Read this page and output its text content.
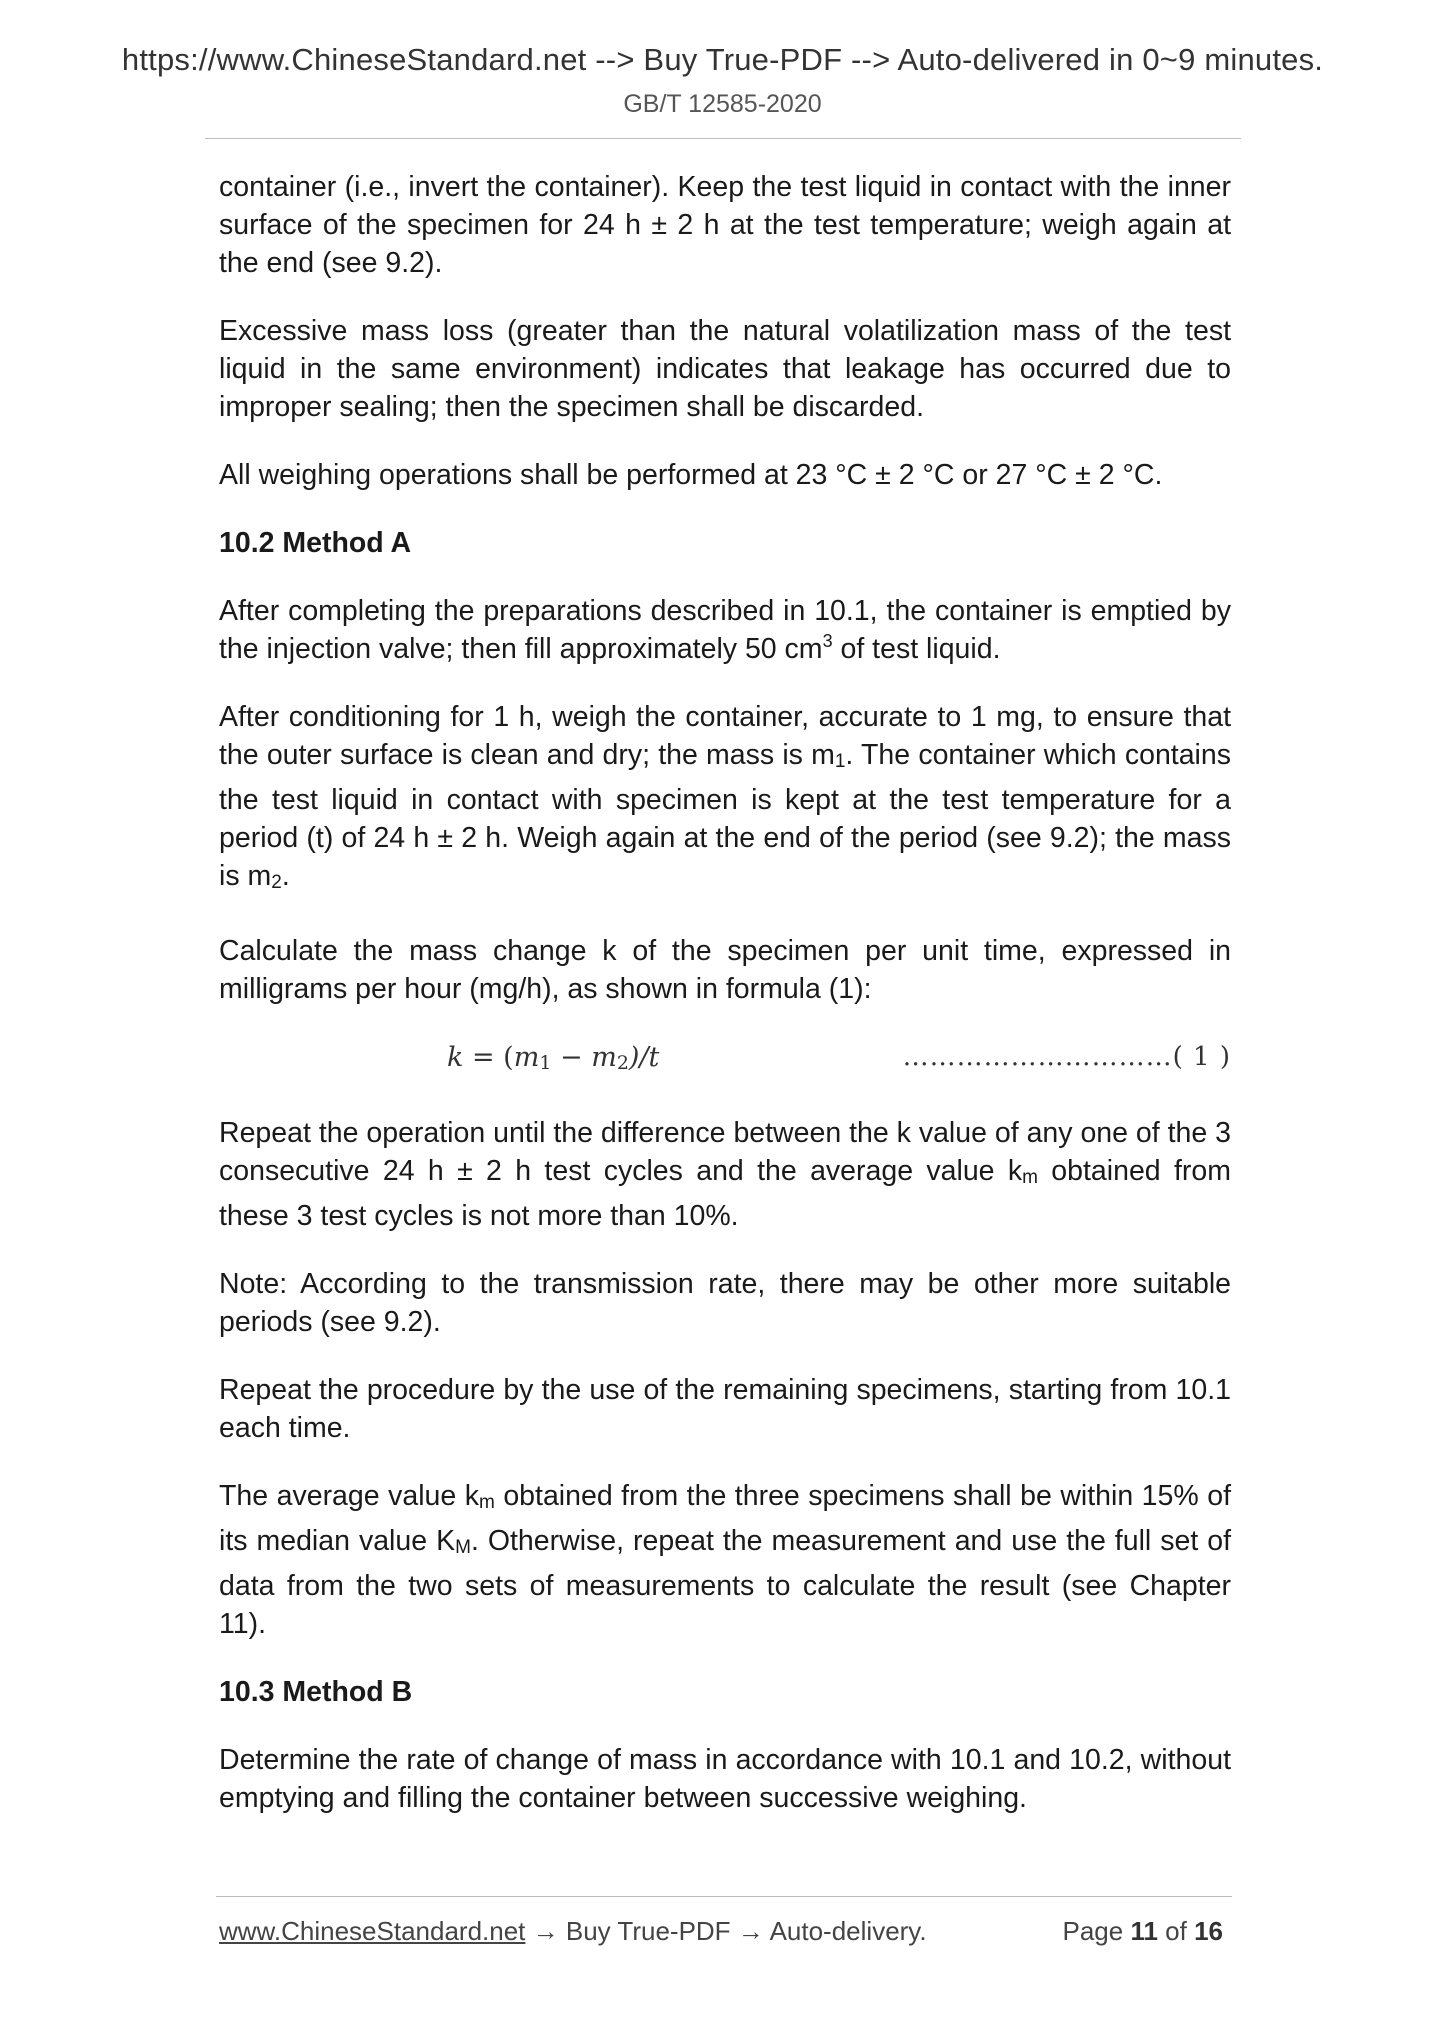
https://www.ChineseStandard.net --> Buy True-PDF --> Auto-delivered in 0~9 minutes.
GB/T 12585-2020

container (i.e., invert the container). Keep the test liquid in contact with the inner surface of the specimen for 24 h ± 2 h at the test temperature; weigh again at the end (see 9.2).

Excessive mass loss (greater than the natural volatilization mass of the test liquid in the same environment) indicates that leakage has occurred due to improper sealing; then the specimen shall be discarded.

All weighing operations shall be performed at 23 °C ± 2 °C or 27 °C ± 2 °C.

10.2 Method A

After completing the preparations described in 10.1, the container is emptied by the injection valve; then fill approximately 50 $cm^3$ of test liquid.

After conditioning for 1 h, weigh the container, accurate to 1 mg, to ensure that the outer surface is clean and dry; the mass is $m_1$. The container which contains the test liquid in contact with specimen is kept at the test temperature for a period (t) of 24 h ± 2 h. Weigh again at the end of the period (see 9.2); the mass is $m_2$.

Calculate the mass change k of the specimen per unit time, expressed in milligrams per hour (mg/h), as shown in formula (1):

$k = (m_1 - m_2)/t$	…………………………( 1 )

Repeat the operation until the difference between the k value of any one of the 3 consecutive 24 h ± 2 h test cycles and the average value $k_m$ obtained from these 3 test cycles is not more than 10%.

Note: According to the transmission rate, there may be other more suitable periods (see 9.2).

Repeat the procedure by the use of the remaining specimens, starting from 10.1 each time.

The average value $k_m$ obtained from the three specimens shall be within 15% of its median value $K_M$. Otherwise, repeat the measurement and use the full set of data from the two sets of measurements to calculate the result (see Chapter 11).

10.3 Method B

Determine the rate of change of mass in accordance with 10.1 and 10.2, without emptying and filling the container between successive weighing.

www.ChineseStandard.net → Buy True-PDF → Auto-delivery.	Page 11 of 16
